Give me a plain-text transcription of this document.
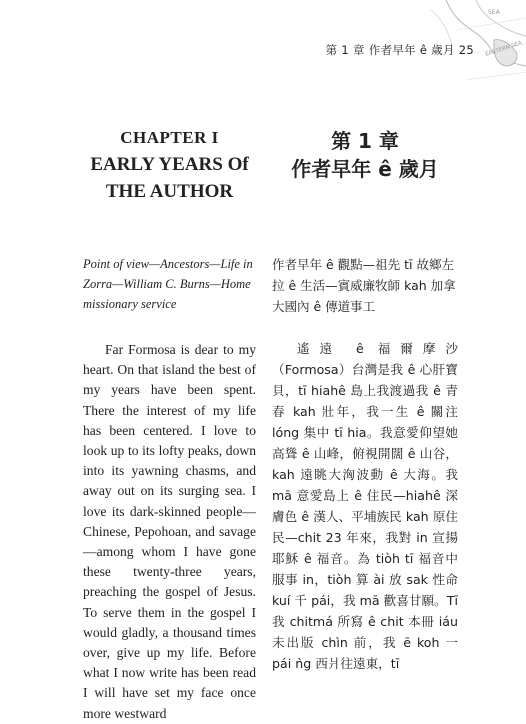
SEA
EASTERN SEA
第 1 章 作者早年 ê 歲月 25
CHAPTER I
EARLY YEARS Of THE AUTHOR
第 1 章
作者早年 ê 歲月
Point of view—Ancestors—Life in Zorra—William C. Burns—Home missionary service
作者早年 ê 觀點—祖先 tī 故鄉左拉 ê 生活—賓威廉牧師 kah 加拿大國內 ê 傳道事工
Far Formosa is dear to my heart. On that island the best of my years have been spent. There the interest of my life has been centered. I love to look up to its lofty peaks, down into its yawning chasms, and away out on its surging sea. I love its dark-skinned people—Chinese, Pepohoan, and savage—among whom I have gone these twenty-three years, preaching the gospel of Jesus. To serve them in the gospel I would gladly, a thousand times over, give up my life. Before what I now write has been read I will have set my face once more westward
遙遠 ê 福爾摩沙（Formosa）台灣是我 ê 心肝寶貝，tī hiahê 島上我渡過我 ê 青春 kah 壯年，我一生 ê 關注 lóng 集中 tī hia。我意愛仰望她高聳 ê 山峰，俯視開闊 ê 山谷，kah 遠眺大洶波動 ê 大海。我 mā 意愛島上 ê 住民—hiahê 深膚色 ê 漢人、平埔族民 kah 原住民—chit 23 年來，我對 in 宣揚耶穌 ê 福音。為 tiòh tī 福音中服事 in，tiòh 算 ài 放 sak 性命 kuí 千 pái，我 mā 歡喜甘願。Tī 我 chitmá 所寫 ê chit 本冊 iáu 未出版 chìn 前，我 ē koh 一 pái ǹg 西爿往遠東，tī
